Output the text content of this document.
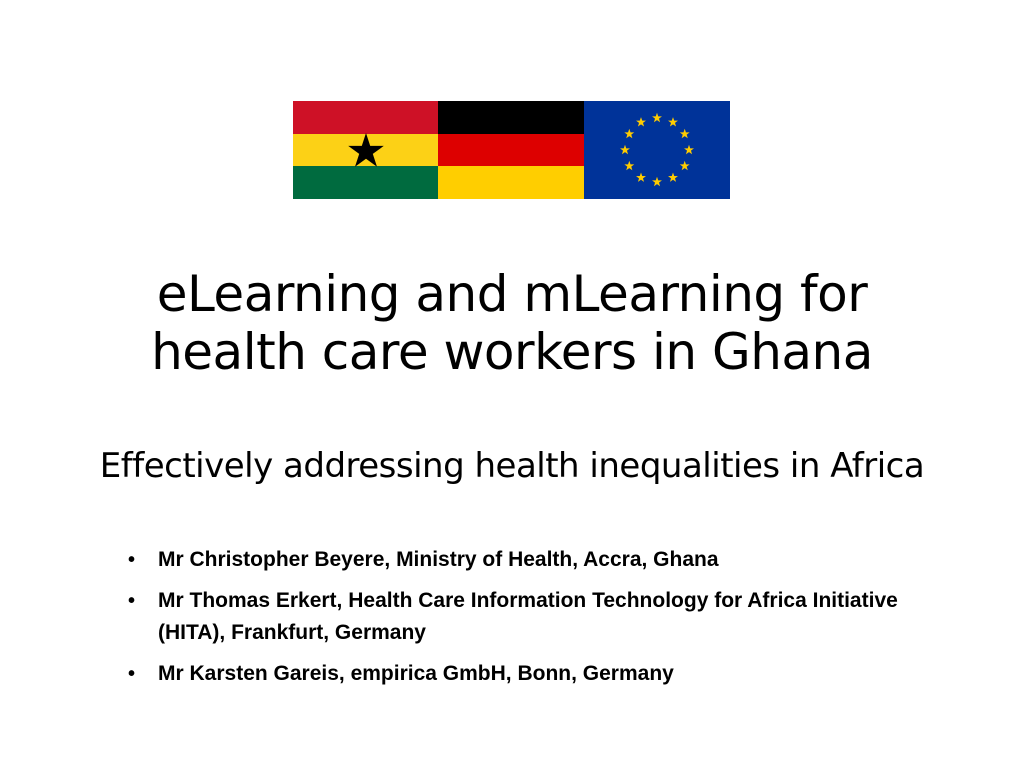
eLearning and mLearning for
health care workers in Ghana
Effectively addressing health inequalities in Africa
• Mr Christopher Beyere, Ministry of Health, Accra, Ghana
• Mr Thomas Erkert, Health Care Information Technology for Africa Initiative (HITA), Frankfurt, Germany
• Mr Karsten Gareis, empirica GmbH, Bonn, Germany
